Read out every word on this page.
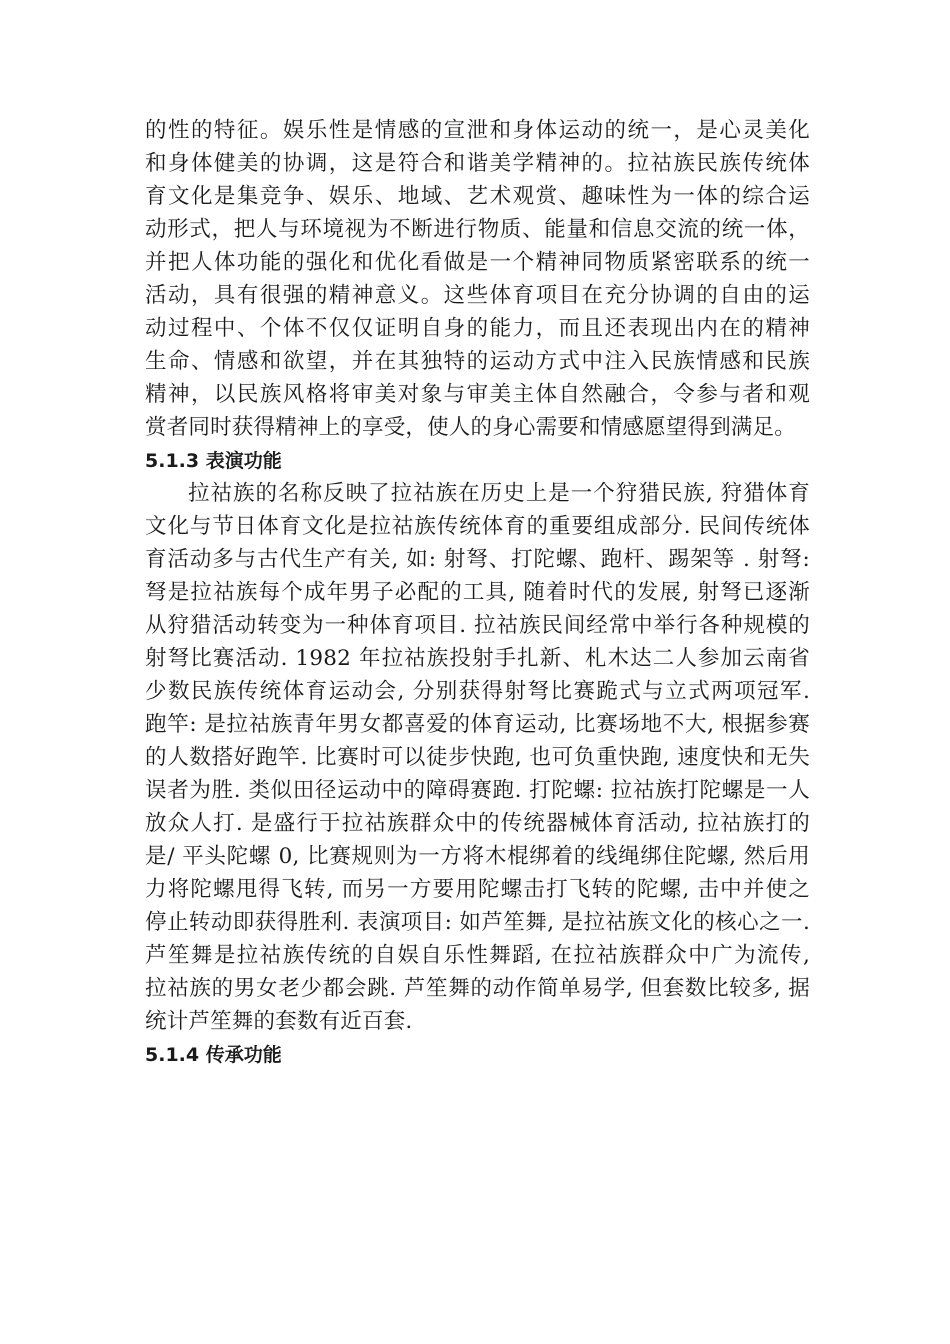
的性的特征。娱乐性是情感的宣泄和身体运动的统一，是心灵美化
和身体健美的协调，这是符合和谐美学精神的。拉祜族民族传统体
育文化是集竞争、娱乐、地域、艺术观赏、趣味性为一体的综合运
动形式，把人与环境视为不断进行物质、能量和信息交流的统一体，
并把人体功能的强化和优化看做是一个精神同物质紧密联系的统一
活动，具有很强的精神意义。这些体育项目在充分协调的自由的运
动过程中、个体不仅仅证明自身的能力，而且还表现出内在的精神
生命、情感和欲望，并在其独特的运动方式中注入民族情感和民族
精神，以民族风格将审美对象与审美主体自然融合，令参与者和观
赏者同时获得精神上的享受，使人的身心需要和情感愿望得到满足。
5.1.3 表演功能
拉祜族的名称反映了拉祜族在历史上是一个狩猎民族, 狩猎体育
文化与节日体育文化是拉祜族传统体育的重要组成部分. 民间传统体
育活动多与古代生产有关, 如: 射弩、打陀螺、跑杆、踢架等 . 射弩:
弩是拉祜族每个成年男子必配的工具, 随着时代的发展, 射弩已逐渐
从狩猎活动转变为一种体育项目. 拉祜族民间经常中举行各种规模的
射弩比赛活动. 1982 年拉祜族投射手扎新、札木达二人参加云南省
少数民族传统体育运动会, 分别获得射弩比赛跪式与立式两项冠军.
跑竿: 是拉祜族青年男女都喜爱的体育运动, 比赛场地不大, 根据参赛
的人数搭好跑竿. 比赛时可以徒步快跑, 也可负重快跑, 速度快和无失
误者为胜. 类似田径运动中的障碍赛跑. 打陀螺: 拉祜族打陀螺是一人
放众人打. 是盛行于拉祜族群众中的传统器械体育活动, 拉祜族打的
是/ 平头陀螺 0, 比赛规则为一方将木棍绑着的线绳绑住陀螺, 然后用
力将陀螺甩得飞转, 而另一方要用陀螺击打飞转的陀螺, 击中并使之
停止转动即获得胜利. 表演项目: 如芦笙舞, 是拉祜族文化的核心之一.
芦笙舞是拉祜族传统的自娱自乐性舞蹈, 在拉祜族群众中广为流传,
拉祜族的男女老少都会跳. 芦笙舞的动作简单易学, 但套数比较多, 据
统计芦笙舞的套数有近百套.
5.1.4 传承功能
